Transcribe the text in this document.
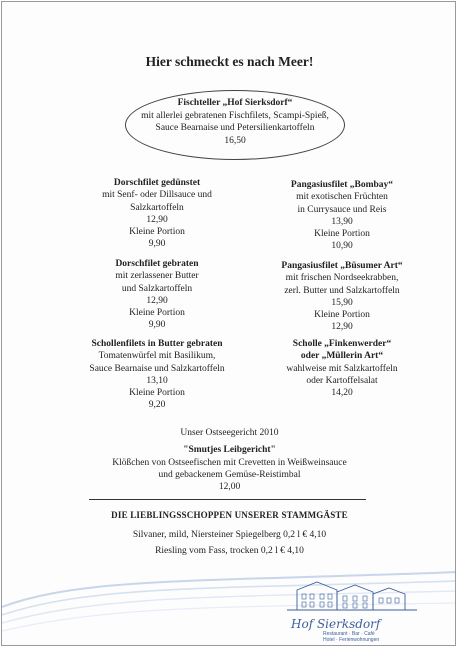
Hier schmeckt es nach Meer!
Fischteller „Hof Sierksdorf“
mit allerlei gebratenen Fischfilets, Scampi-Spieß,
Sauce Bearnaise und Petersilienkartoffeln
16,50
Dorschfilet gedünstet
mit Senf- oder Dillsauce und
Salzkartoffeln
12,90
Kleine Portion
9,90
Dorschfilet gebraten
mit zerlassener Butter
und Salzkartoffeln
12,90
Kleine Portion
9,90
Schollenfilets in Butter gebraten
Tomatenwürfel mit Basilikum,
Sauce Bearnaise und Salzkartoffeln
13,10
Kleine Portion
9,20
Pangasiusfilet „Bombay“
mit exotischen Früchten
in Currysauce und Reis
13,90
Kleine Portion
10,90
Pangasiusfilet „Büsumer Art“
mit frischen Nordseekrabben,
zerl. Butter und Salzkartoffeln
15,90
Kleine Portion
12,90
Scholle „Finkenwerder“
oder „Müllerin Art“
wahlweise mit Salzkartoffeln
oder Kartoffelsalat
14,20
Unser Ostseegericht 2010
"Smutjes Leibgericht"
Klößchen von Ostseefischen mit Crevetten in Weißweinsauce
und gebackenem Gemüse-Reistimbal
12,00
DIE LIEBLINGSSCHOPPEN UNSERER STAMMGÄSTE
Silvaner, mild, Niersteiner Spiegelberg 0,2 l € 4,10
Riesling vom Fass, trocken 0,2 l € 4,10
Hof Sierksdorf
Restaurant · Bar · Café
Hotel · Ferienwohnungen
